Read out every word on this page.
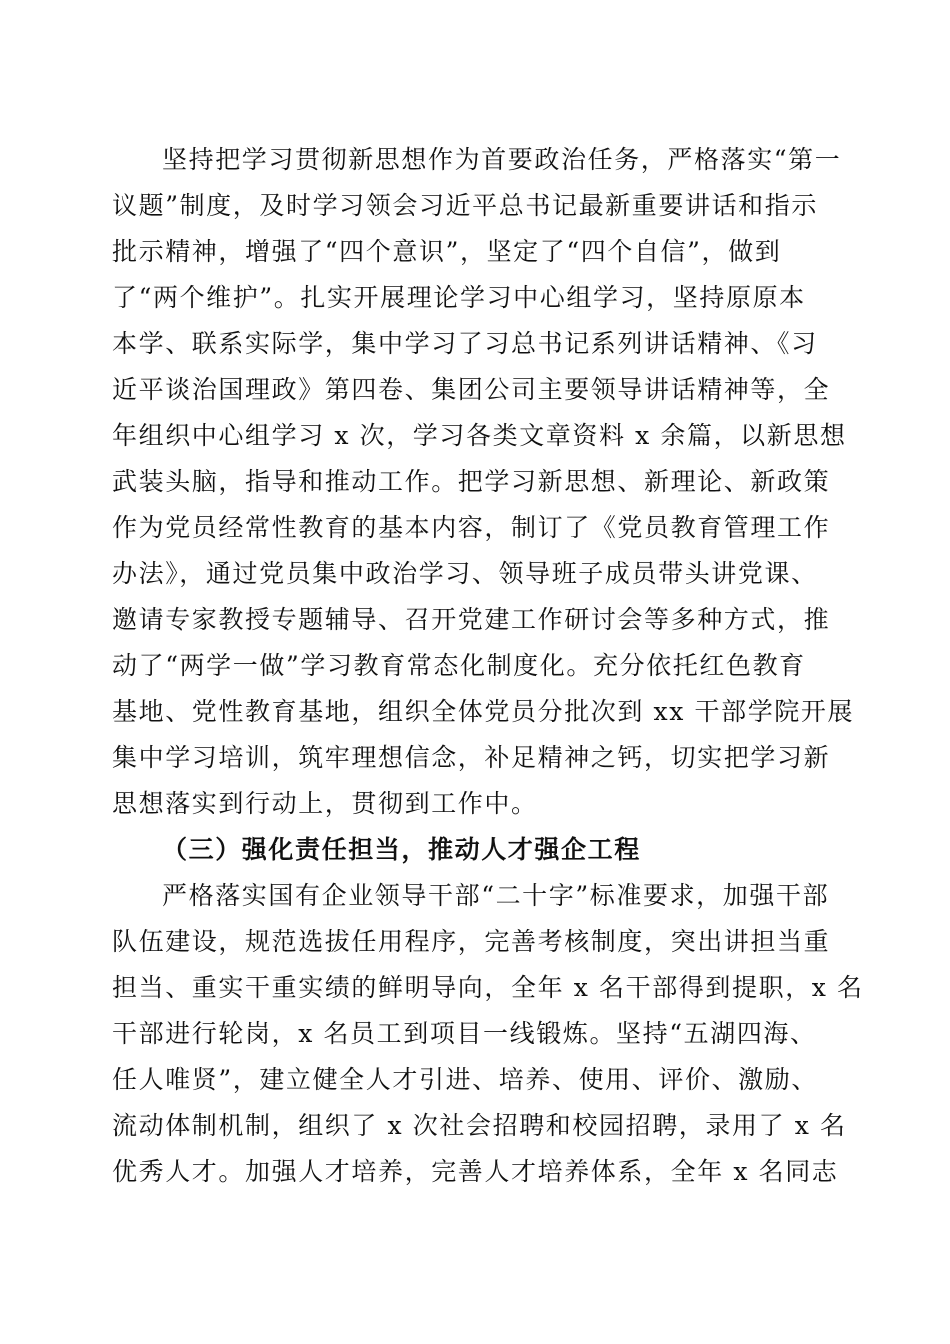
坚持把学习贯彻新思想作为首要政治任务，严格落实“第一
议题”制度，及时学习领会习近平总书记最新重要讲话和指示
批示精神，增强了“四个意识”，坚定了“四个自信”，做到
了“两个维护”。扎实开展理论学习中心组学习，坚持原原本
本学、联系实际学，集中学习了习总书记系列讲话精神、《习
近平谈治国理政》第四卷、集团公司主要领导讲话精神等，全
年组织中心组学习 x 次，学习各类文章资料 x 余篇，以新思想
武装头脑，指导和推动工作。把学习新思想、新理论、新政策
作为党员经常性教育的基本内容，制订了《党员教育管理工作
办法》，通过党员集中政治学习、领导班子成员带头讲党课、
邀请专家教授专题辅导、召开党建工作研讨会等多种方式，推
动了“两学一做”学习教育常态化制度化。充分依托红色教育
基地、党性教育基地，组织全体党员分批次到 xx 干部学院开展
集中学习培训，筑牢理想信念，补足精神之钙，切实把学习新
思想落实到行动上，贯彻到工作中。
（三）强化责任担当，推动人才强企工程
严格落实国有企业领导干部“二十字”标准要求，加强干部
队伍建设，规范选拔任用程序，完善考核制度，突出讲担当重
担当、重实干重实绩的鲜明导向，全年 x 名干部得到提职，x 名
干部进行轮岗，x 名员工到项目一线锻炼。坚持“五湖四海、
任人唯贤”，建立健全人才引进、培养、使用、评价、激励、
流动体制机制，组织了 x 次社会招聘和校园招聘，录用了 x 名
优秀人才。加强人才培养，完善人才培养体系，全年 x 名同志
